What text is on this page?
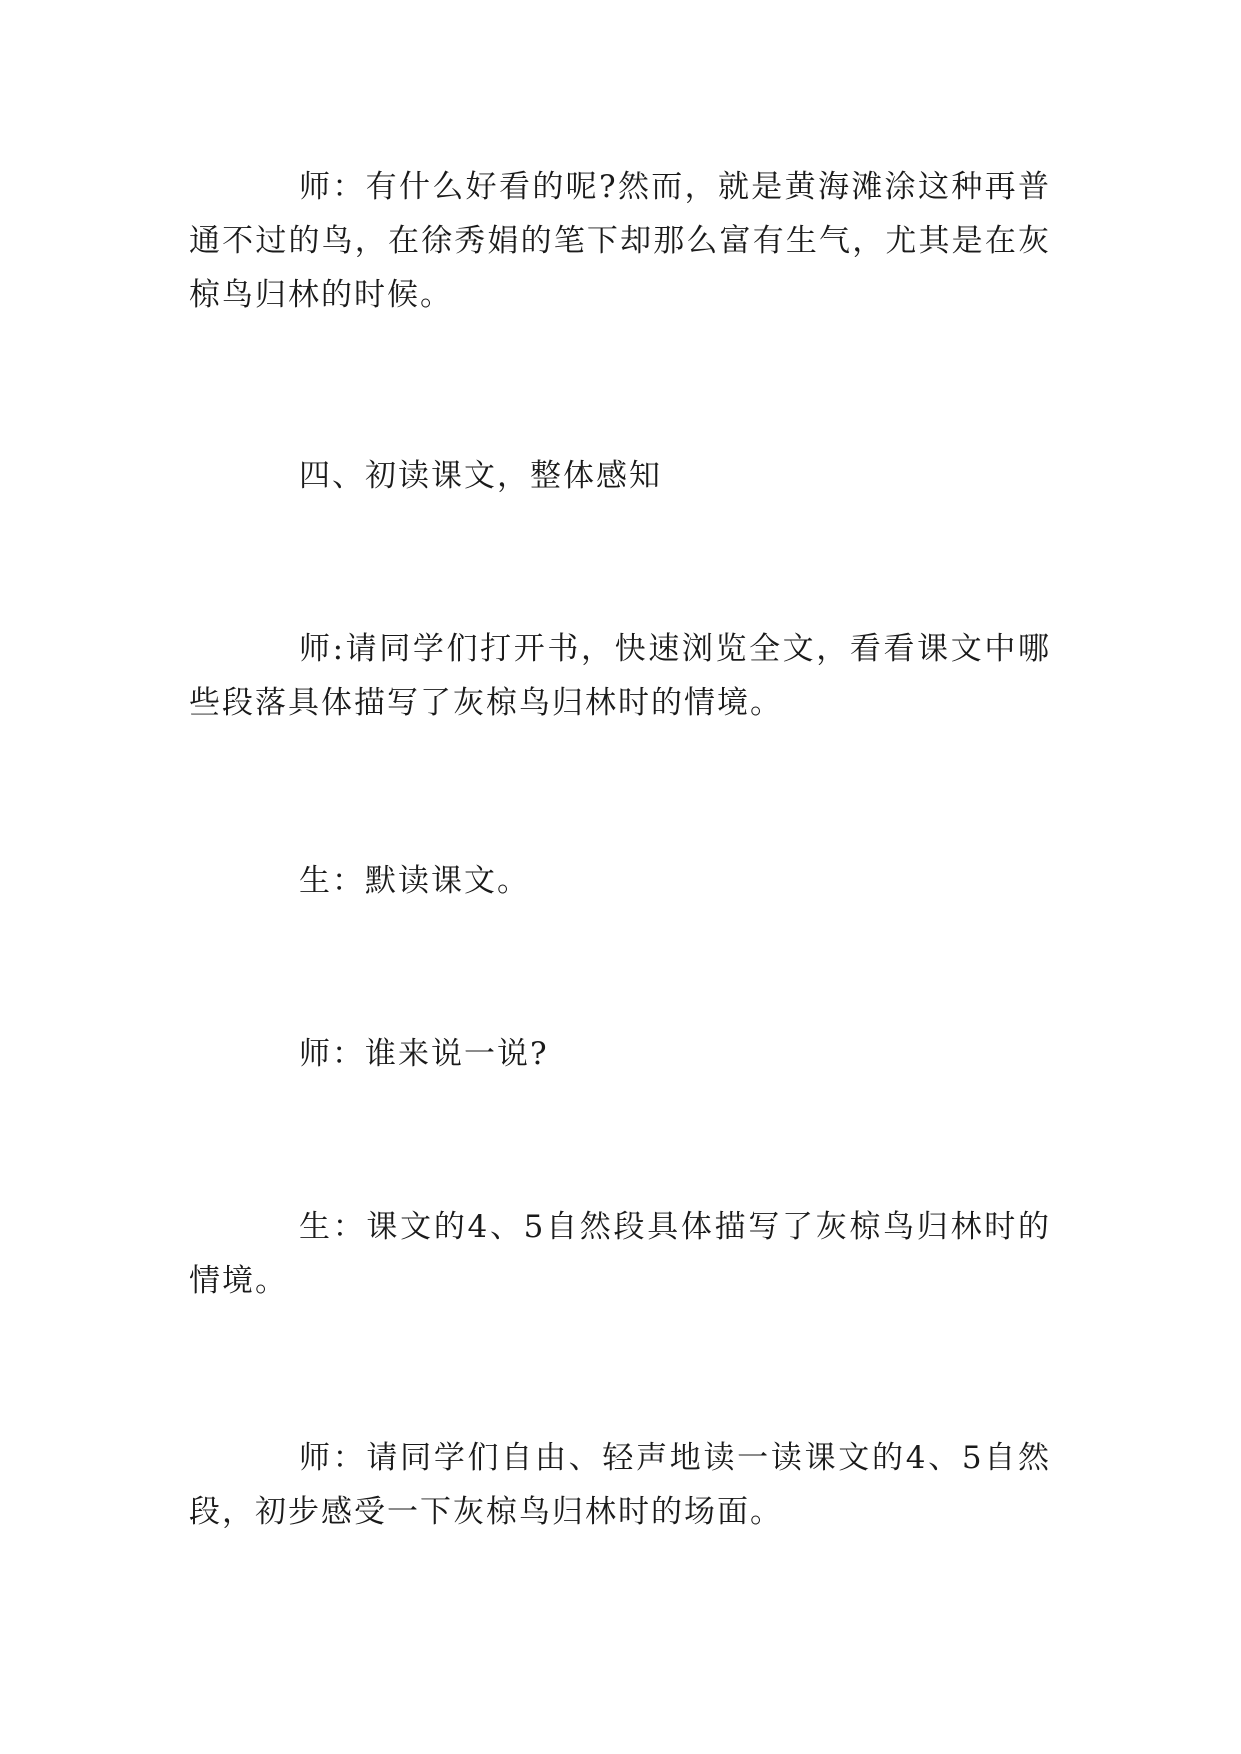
师：有什么好看的呢?然而，就是黄海滩涂这种再普通不过的鸟，在徐秀娟的笔下却那么富有生气，尤其是在灰椋鸟归林的时候。

四、初读课文，整体感知

师:请同学们打开书，快速浏览全文，看看课文中哪些段落具体描写了灰椋鸟归林时的情境。

生：默读课文。

师：谁来说一说?

生：课文的4、5自然段具体描写了灰椋鸟归林时的情境。

师：请同学们自由、轻声地读一读课文的4、5自然段，初步感受一下灰椋鸟归林时的场面。
